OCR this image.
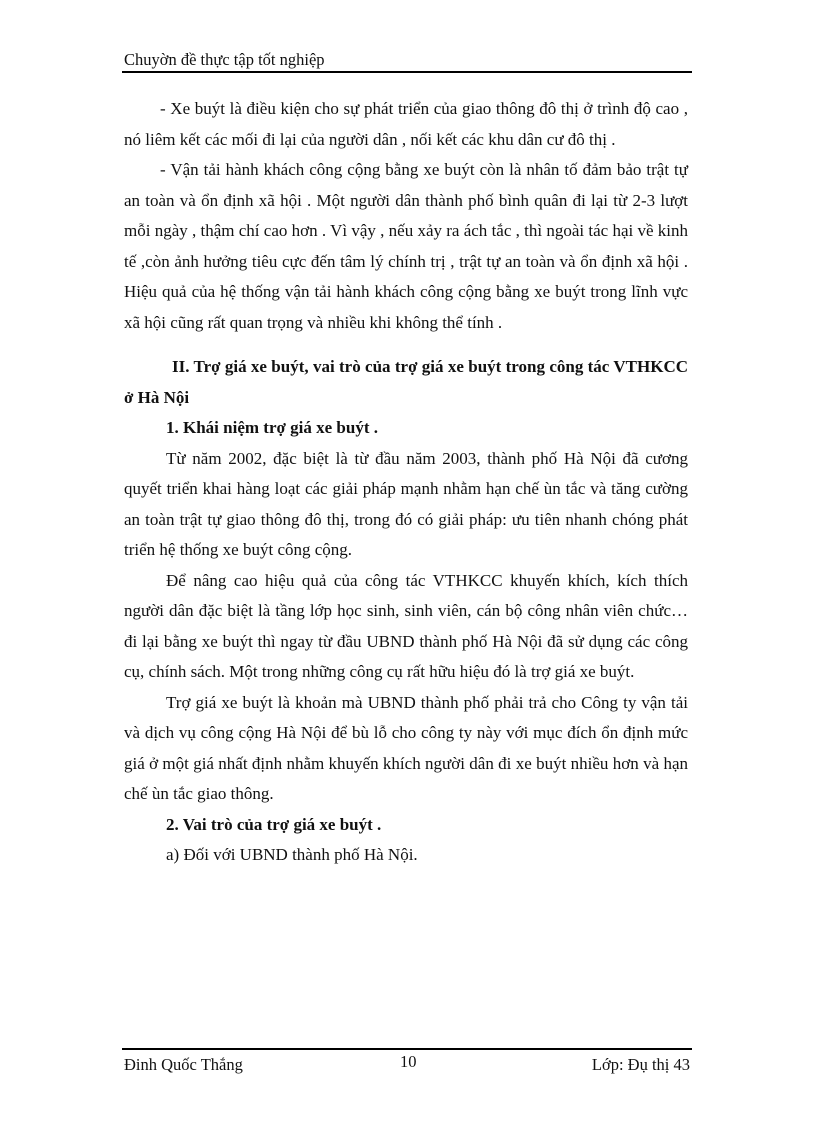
Chuyờn đề thực tập tốt nghiệp

- Xe buýt là điều kiện cho sự phát triển của giao thông đô thị ở trình độ cao , nó liêm kết các mối đi lại của người dân , nối kết các khu dân cư đô thị .

- Vận tải hành khách công cộng bằng xe buýt còn là nhân tố đảm bảo trật tự an toàn và ổn định xã hội . Một người dân thành phố bình quân đi lại từ 2-3 lượt mỗi ngày , thậm chí cao hơn . Vì vậy , nếu xảy ra ách tắc , thì ngoài tác hại về kinh tế ,còn ảnh hưởng tiêu cực đến tâm lý chính trị , trật tự an toàn và ổn định xã hội . Hiệu quả của hệ thống vận tải hành khách công cộng bằng xe buýt trong lĩnh vực xã hội cũng rất quan trọng và nhiều khi không thể tính .

II. Trợ giá xe buýt, vai trò của trợ giá xe buýt trong công tác VTHKCC ở Hà Nội

1. Khái niệm trợ giá xe buýt .

Từ năm 2002, đặc biệt là từ đầu năm 2003, thành phố Hà Nội đã cương quyết triển khai hàng loạt các giải pháp mạnh nhằm hạn chế ùn tắc và tăng cường an toàn trật tự giao thông đô thị, trong đó có giải pháp: ưu tiên nhanh chóng phát triển hệ thống xe buýt công cộng.

Để nâng cao hiệu quả của công tác VTHKCC khuyến khích, kích thích người dân đặc biệt là tầng lớp học sinh, sinh viên, cán bộ công nhân viên chức… đi lại bằng xe buýt thì ngay từ đầu UBND thành phố Hà Nội đã sử dụng các công cụ, chính sách. Một trong những công cụ rất hữu hiệu đó là trợ giá xe buýt.

Trợ giá xe buýt là khoản mà UBND thành phố phải trả cho Công ty vận tải và dịch vụ công cộng Hà Nội để bù lỗ cho công ty này với mục đích ổn định mức giá ở một giá nhất định nhằm khuyến khích người dân đi xe buýt nhiều hơn và hạn chế ùn tắc giao thông.

2. Vai trò của trợ giá xe buýt .

a) Đối với UBND thành phố Hà Nội.

Đinh Quốc Thắng	10	Lớp: Đụ thị 43
